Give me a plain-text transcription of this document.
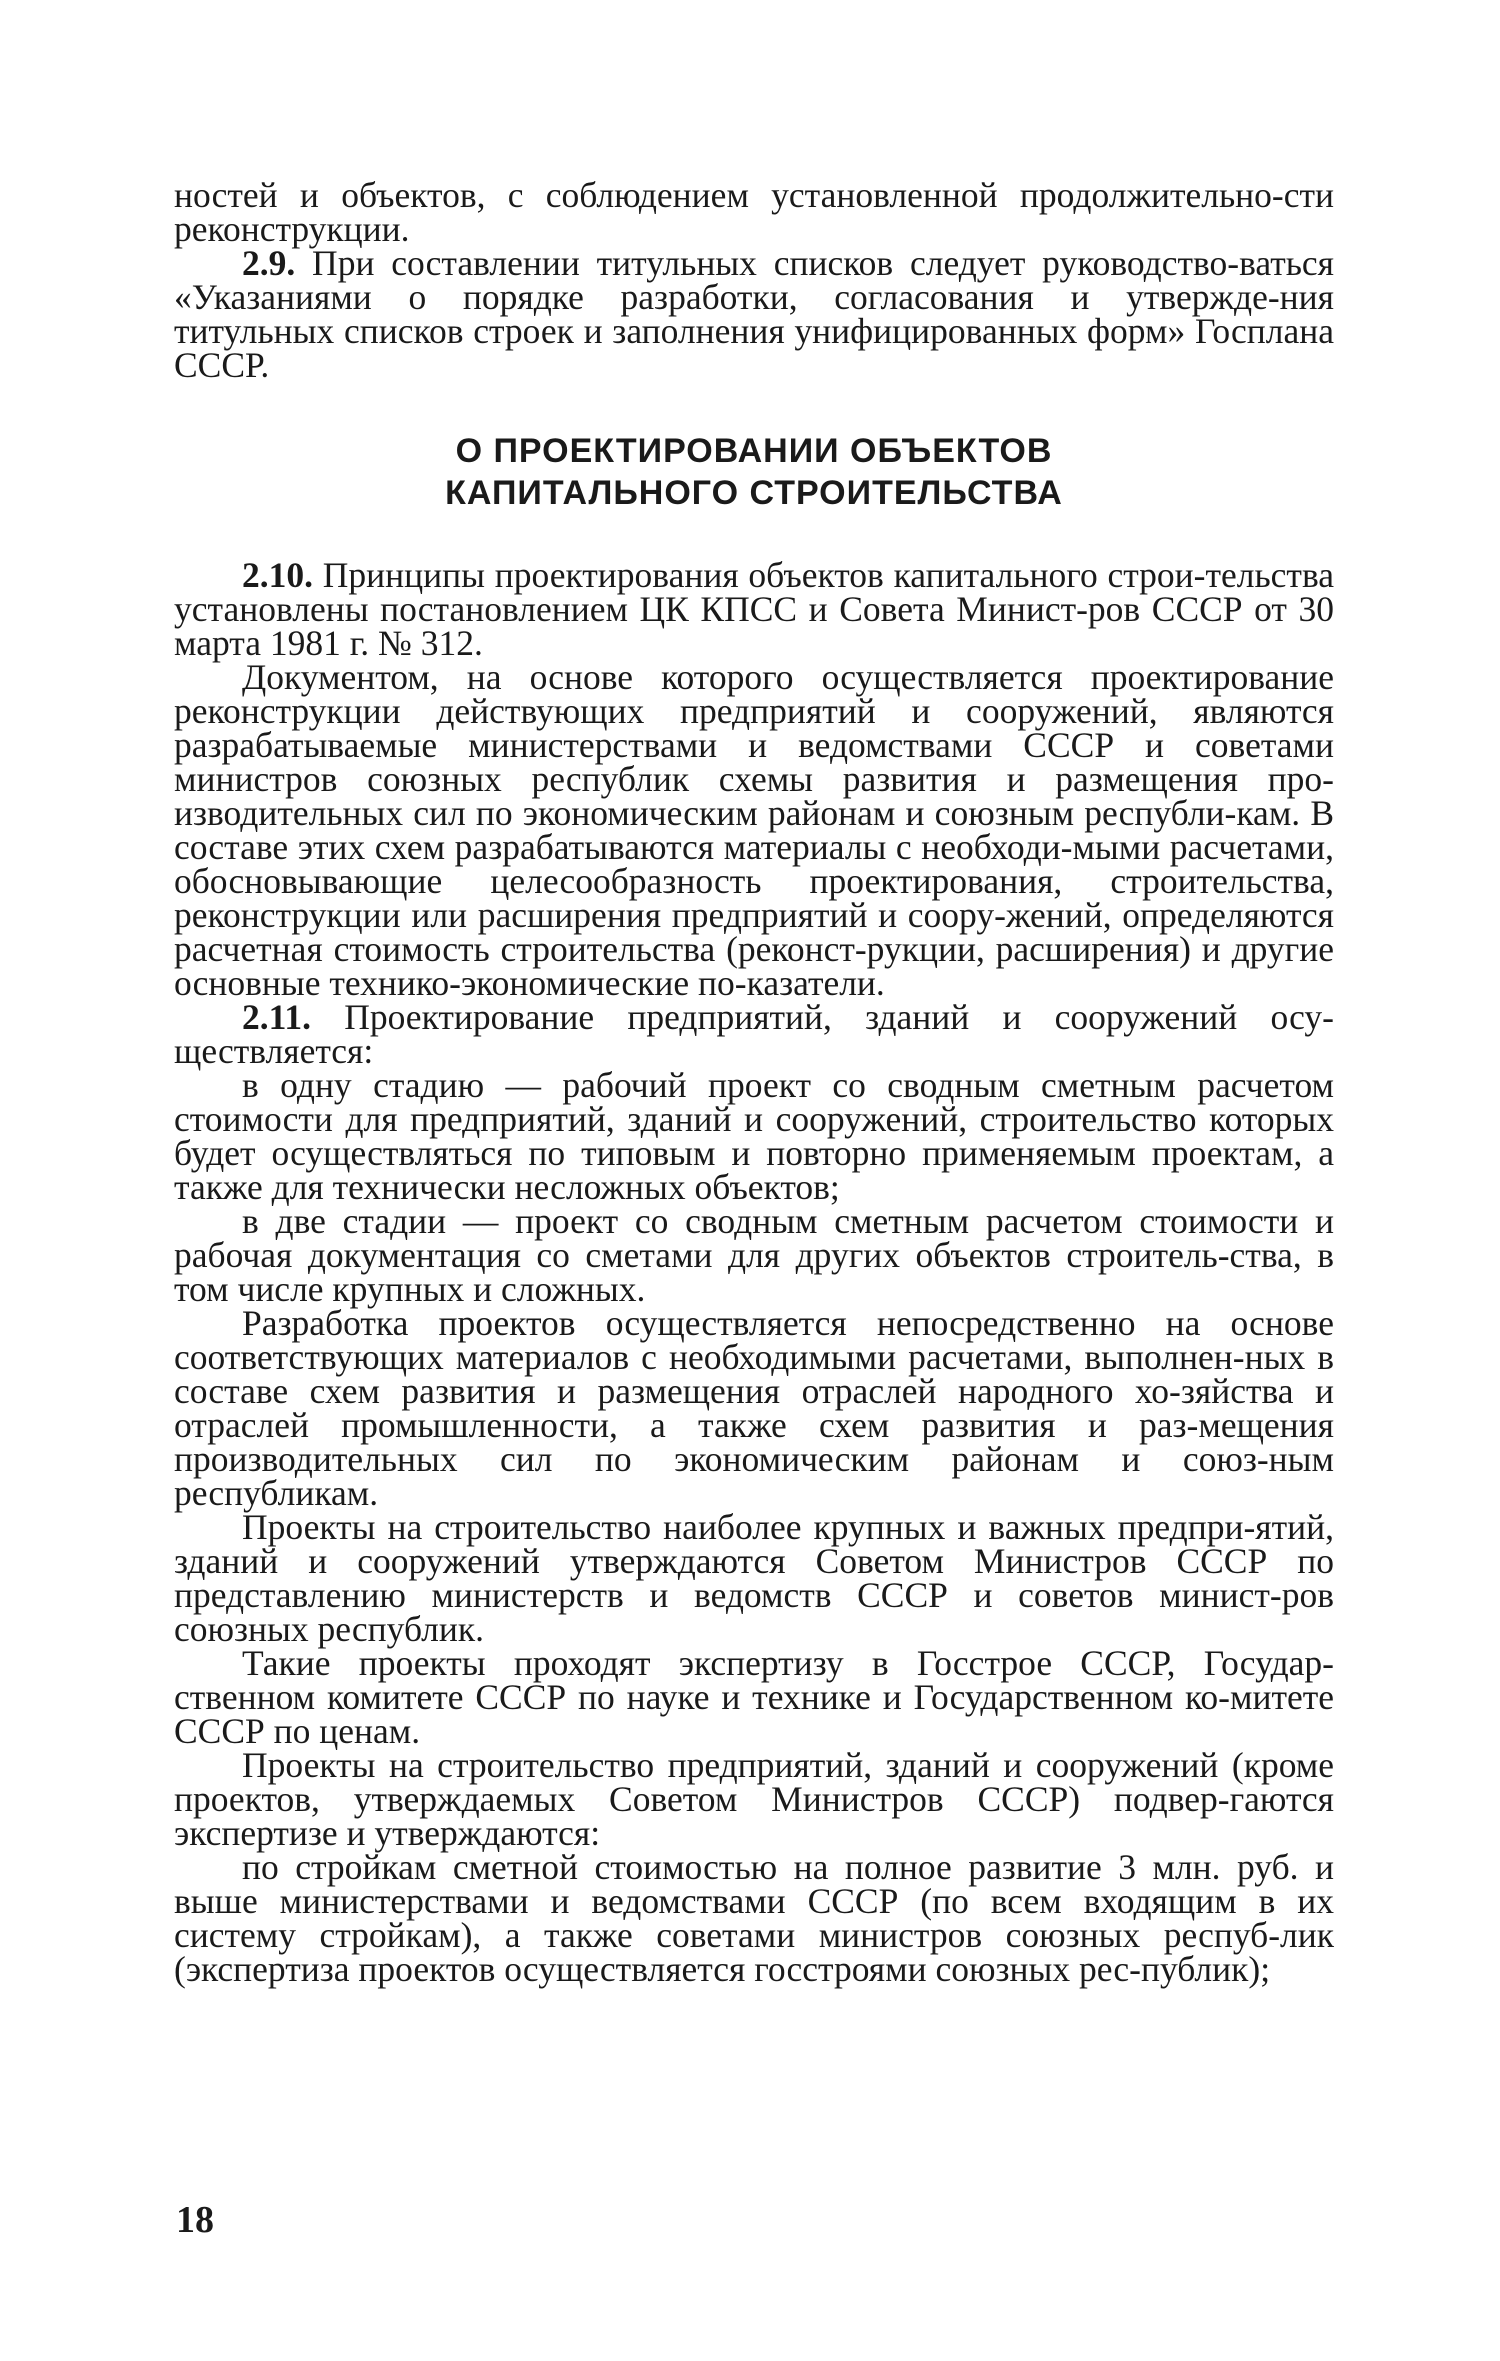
ностей и объектов, с соблюдением установленной продолжительно-сти реконструкции.

2.9. При составлении титульных списков следует руководство-ваться «Указаниями о порядке разработки, согласования и утвержде-ния титульных списков строек и заполнения унифицированных форм» Госплана СССР.

О ПРОЕКТИРОВАНИИ ОБЪЕКТОВ
КАПИТАЛЬНОГО СТРОИТЕЛЬСТВА

2.10. Принципы проектирования объектов капитального строи-тельства установлены постановлением ЦК КПСС и Совета Минист-ров СССР от 30 марта 1981 г. № 312.

Документом, на основе которого осуществляется проектирование реконструкции действующих предприятий и сооружений, являются разрабатываемые министерствами и ведомствами СССР и советами министров союзных республик схемы развития и размещения про-изводительных сил по экономическим районам и союзным республи-кам. В составе этих схем разрабатываются материалы с необходи-мыми расчетами, обосновывающие целесообразность проектирования, строительства, реконструкции или расширения предприятий и соору-жений, определяются расчетная стоимость строительства (реконст-рукции, расширения) и другие основные технико-экономические по-казатели.

2.11. Проектирование предприятий, зданий и сооружений осу-ществляется:

в одну стадию — рабочий проект со сводным сметным расчетом стоимости для предприятий, зданий и сооружений, строительство которых будет осуществляться по типовым и повторно применяемым проектам, а также для технически несложных объектов;

в две стадии — проект со сводным сметным расчетом стоимости и рабочая документация со сметами для других объектов строитель-ства, в том числе крупных и сложных.

Разработка проектов осуществляется непосредственно на основе соответствующих материалов с необходимыми расчетами, выполнен-ных в составе схем развития и размещения отраслей народного хо-зяйства и отраслей промышленности, а также схем развития и раз-мещения производительных сил по экономическим районам и союз-ным республикам.

Проекты на строительство наиболее крупных и важных предпри-ятий, зданий и сооружений утверждаются Советом Министров СССР по представлению министерств и ведомств СССР и советов минист-ров союзных республик.

Такие проекты проходят экспертизу в Госстрое СССР, Государ-ственном комитете СССР по науке и технике и Государственном ко-митете СССР по ценам.

Проекты на строительство предприятий, зданий и сооружений (кроме проектов, утверждаемых Советом Министров СССР) подвер-гаются экспертизе и утверждаются:

по стройкам сметной стоимостью на полное развитие 3 млн. руб. и выше министерствами и ведомствами СССР (по всем входящим в их систему стройкам), а также советами министров союзных респуб-лик (экспертиза проектов осуществляется госстроями союзных рес-публик);

18
